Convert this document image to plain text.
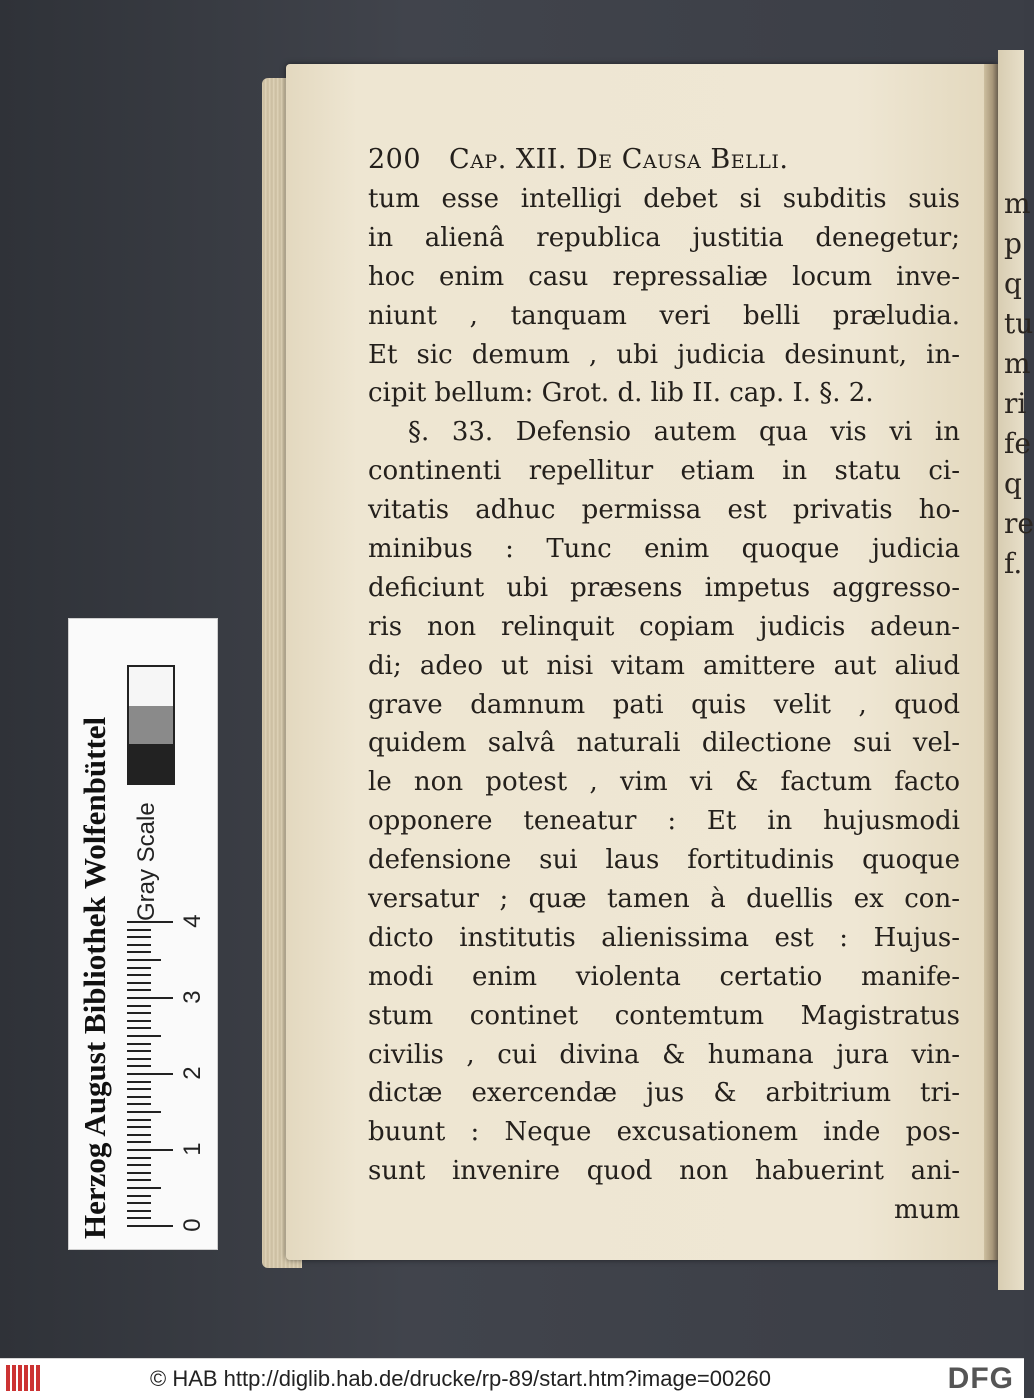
m
p
q
tu
m
ri
fe
q
re
f.
200 Cap. XII. De Causa Belli.
tum esse intelligi debet si subditis suis
in alienâ republica justitia denegetur;
hoc enim casu repressaliæ locum inve-
niunt , tanquam veri belli præludia.
Et sic demum , ubi judicia desinunt, in-
cipit bellum: Grot. d. lib II. cap. I. §. 2.
§. 33. Defensio autem qua vis vi in
continenti repellitur etiam in statu ci-
vitatis adhuc permissa est privatis ho-
minibus : Tunc enim quoque judicia
deficiunt ubi præsens impetus aggresso-
ris non relinquit copiam judicis adeun-
di; adeo ut nisi vitam amittere aut aliud
grave damnum pati quis velit , quod
quidem salvâ naturali dilectione sui vel-
le non potest , vim vi & factum facto
opponere teneatur : Et in hujusmodi
defensione sui laus fortitudinis quoque
versatur ; quæ tamen à duellis ex con-
dicto institutis alienissima est : Hujus-
modi enim violenta certatio manife-
stum continet contemtum Magistratus
civilis , cui divina & humana jura vin-
dictæ exercendæ jus & arbitrium tri-
buunt : Neque excusationem inde pos-
sunt invenire quod non habuerint ani-
mum
Herzog August Bibliothek Wolfenbüttel Gray Scale
0
1
2
3
4
© HAB http://diglib.hab.de/drucke/rp-89/start.htm?image=00260	DFG
